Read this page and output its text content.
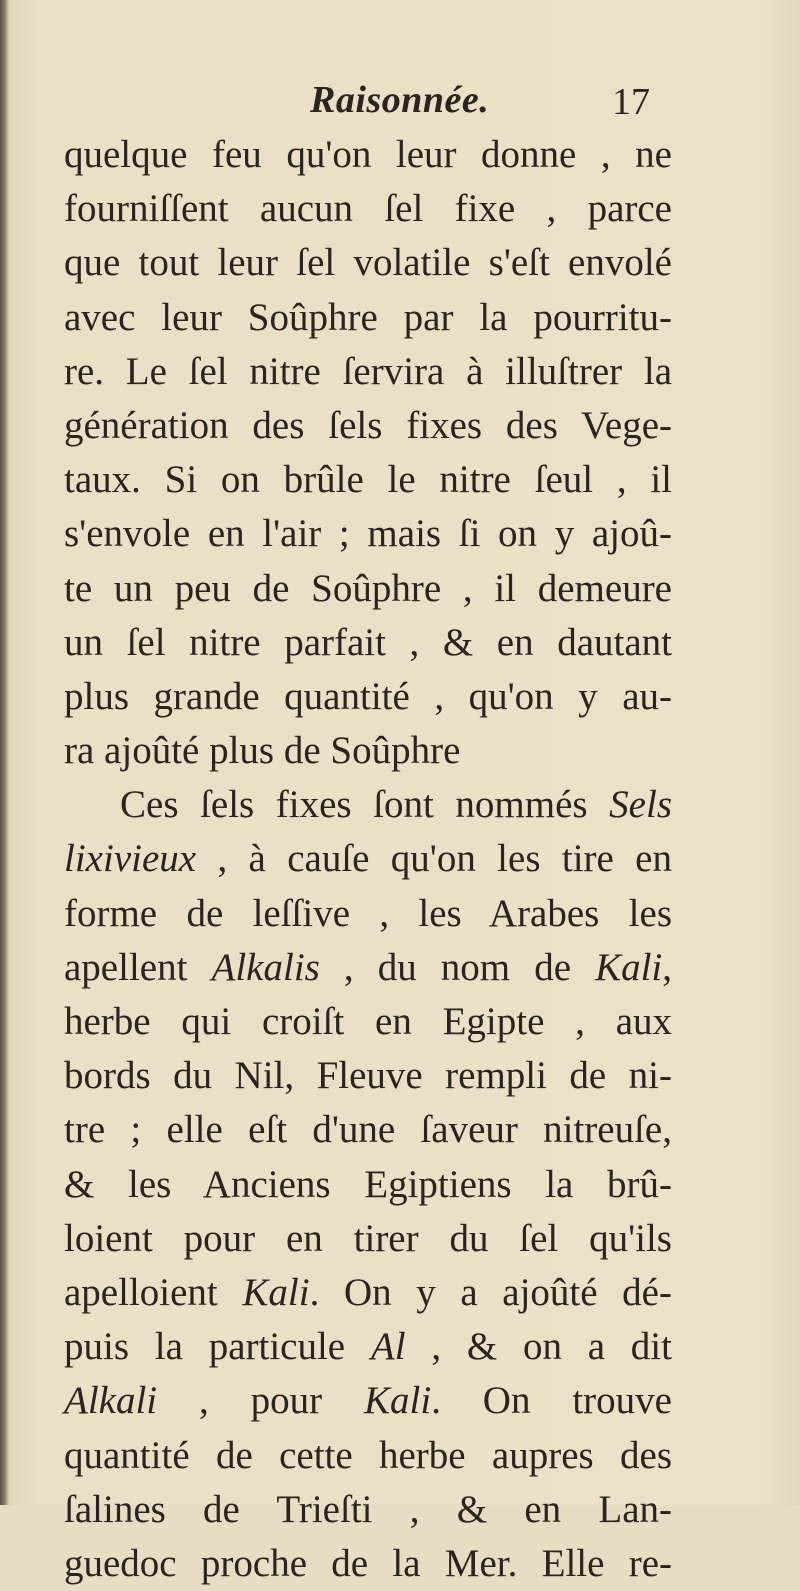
Raisonnée.	17
quelque feu qu'on leur donne , ne
fourniſſent aucun ſel fixe , parce
que tout leur ſel volatile s'eſt envolé
avec leur Soûphre par la pourritu-
re. Le ſel nitre ſervira à illuſtrer la
génération des ſels fixes des Vege-
taux. Si on brûle le nitre ſeul , il
s'envole en l'air ; mais ſi on y ajoû-
te un peu de Soûphre , il demeure
un ſel nitre parfait , & en dautant
plus grande quantité , qu'on y au-
ra ajoûté plus de Soûphre
Ces ſels fixes ſont nommés Sels
lixivieux , à cauſe qu'on les tire en
forme de leſſive , les Arabes les
apellent Alkalis , du nom de Kali,
herbe qui croiſt en Egipte , aux
bords du Nil, Fleuve rempli de ni-
tre ; elle eſt d'une ſaveur nitreuſe,
& les Anciens Egiptiens la brû-
loient pour en tirer du ſel qu'ils
apelloient Kali. On y a ajoûté dé-
puis la particule Al , & on a dit
Alkali , pour Kali. On trouve
quantité de cette herbe aupres des
ſalines de Trieſti , & en Lan-
guedoc proche de la Mer. Elle re-
